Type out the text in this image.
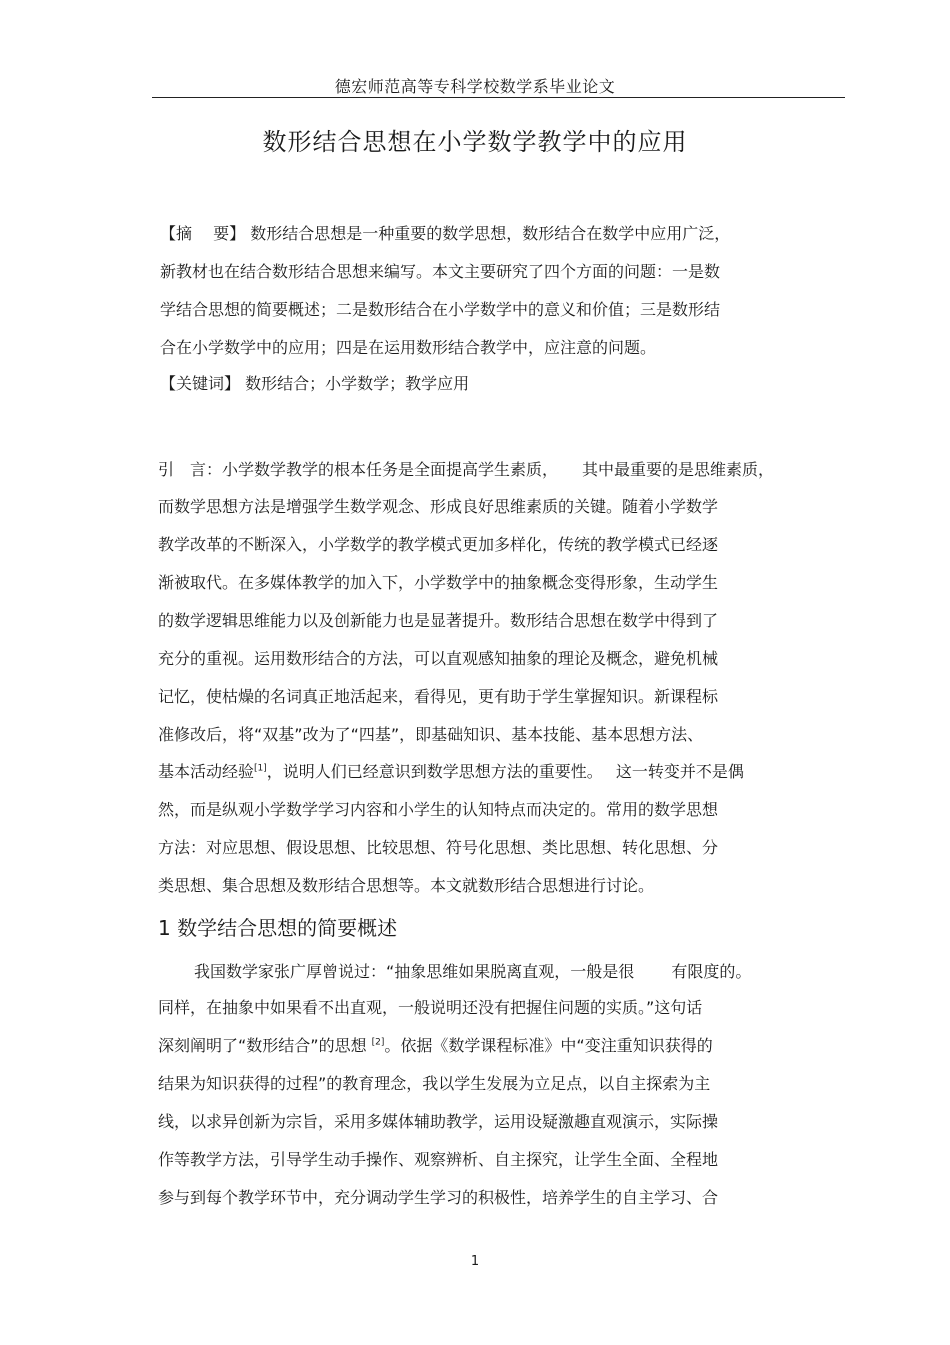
德宏师范高等专科学校数学系毕业论文
数形结合思想在小学数学教学中的应用
【摘　 要】 数形结合思想是一种重要的数学思想，数形结合在数学中应用广泛，
新教材也在结合数形结合思想来编写。本文主要研究了四个方面的问题：一是数
学结合思想的简要概述；二是数形结合在小学数学中的意义和价值；三是数形结
合在小学数学中的应用；四是在运用数形结合教学中，应注意的问题。
【关键词】 数形结合；小学数学；教学应用
引　言：小学数学教学的根本任务是全面提高学生素质，　　其中最重要的是思维素质，
而数学思想方法是增强学生数学观念、形成良好思维素质的关键。随着小学数学
教学改革的不断深入，小学数学的教学模式更加多样化，传统的教学模式已经逐
渐被取代。在多媒体教学的加入下，小学数学中的抽象概念变得形象，生动学生
的数学逻辑思维能力以及创新能力也是显著提升。数形结合思想在数学中得到了
充分的重视。运用数形结合的方法，可以直观感知抽象的理论及概念，避免机械
记忆，使枯燥的名词真正地活起来，看得见，更有助于学生掌握知识。新课程标
准修改后，将“双基”改为了“四基”，即基础知识、基本技能、基本思想方法、
基本活动经验[1]，说明人们已经意识到数学思想方法的重要性。　 这一转变并不是偶
然，而是纵观小学数学学习内容和小学生的认知特点而决定的。常用的数学思想
方法：对应思想、假设思想、比较思想、符号化思想、类比思想、转化思想、分
类思想、集合思想及数形结合思想等。本文就数形结合思想进行讨论。
1 数学结合思想的简要概述
我国数学家张广厚曾说过：“抽象思维如果脱离直观，一般是很　　 有限度的。
同样，在抽象中如果看不出直观，一般说明还没有把握住问题的实质。”这句话
深刻阐明了“数形结合”的思想 [2]。依据《数学课程标准》中“变注重知识获得的
结果为知识获得的过程”的教育理念，我以学生发展为立足点，以自主探索为主
线，以求异创新为宗旨，采用多媒体辅助教学，运用设疑激趣直观演示，实际操
作等教学方法，引导学生动手操作、观察辨析、自主探究，让学生全面、全程地
参与到每个教学环节中，充分调动学生学习的积极性，培养学生的自主学习、合
1
